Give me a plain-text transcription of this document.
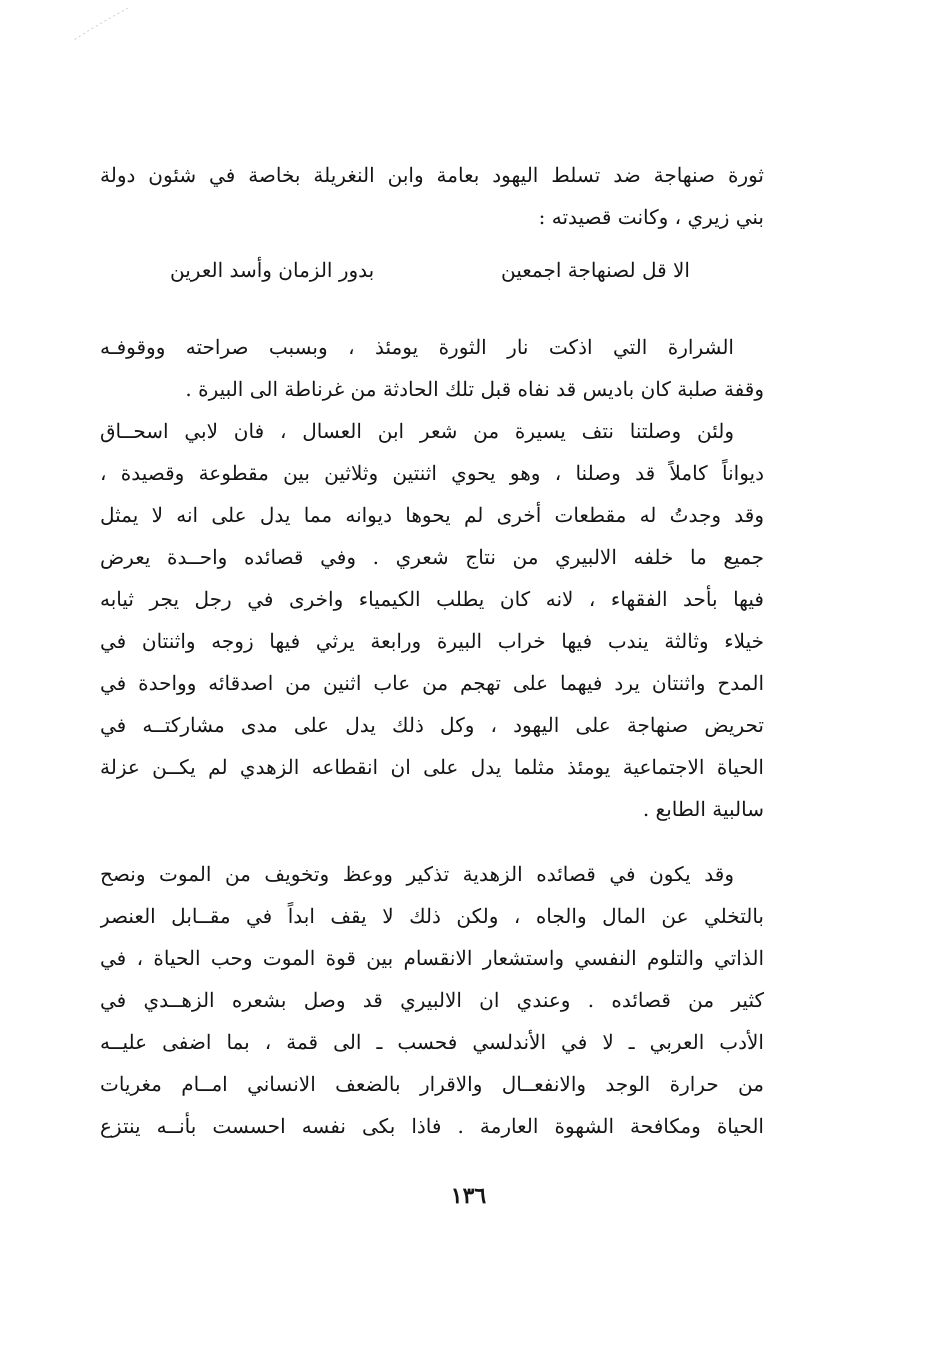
ثورة صنهاجة ضد تسلط اليهود بعامة وابن النغريلة بخاصة في شئون دولة
بني زيري ، وكانت قصيدته :
الا قل لصنهاجة اجمعين
بدور الزمان وأسد العرين
الشرارة التي اذكت نار الثورة يومئذ ، وبسبب صراحته ووقوفـه
وقفة صلبة كان باديس قد نفاه قبل تلك الحادثة من غرناطة الى البيرة .
ولئن وصلتنا نتف يسيرة من شعر ابن العسال ، فان لابي اسحــاق
ديواناً كاملاً قد وصلنا ، وهو يحوي اثنتين وثلاثين بين مقطوعة وقصيدة ،
وقد وجدتُ له مقطعات أخرى لم يحوها ديوانه مما يدل على انه لا يمثل
جميع ما خلفه الالبيري من نتاج شعري . وفي قصائده واحــدة يعرض
فيها بأحد الفقهاء ، لانه كان يطلب الكيمياء واخرى في رجل يجر ثيابه
خيلاء وثالثة يندب فيها خراب البيرة ورابعة يرثي فيها زوجه واثنتان في
المدح واثنتان يرد فيهما على تهجم من عاب اثنين من اصدقائه وواحدة في
تحريض صنهاجة على اليهود ، وكل ذلك يدل على مدى مشاركتــه في
الحياة الاجتماعية يومئذ مثلما يدل على ان انقطاعه الزهدي لم يكــن عزلة
سالبية الطابع .
وقد يكون في قصائده الزهدية تذكير ووعظ وتخويف من الموت ونصح
بالتخلي عن المال والجاه ، ولكن ذلك لا يقف ابداً في مقــابل العنصر
الذاتي والتلوم النفسي واستشعار الانقسام بين قوة الموت وحب الحياة ، في
كثير من قصائده . وعندي ان الالبيري قد وصل بشعره الزهــدي في
الأدب العربي ـ لا في الأندلسي فحسب ـ الى قمة ، بما اضفى عليــه
من حرارة الوجد والانفعــال والاقرار بالضعف الانساني امــام مغريات
الحياة ومكافحة الشهوة العارمة . فاذا بكى نفسه احسست بأنــه ينتزع
١٣٦
